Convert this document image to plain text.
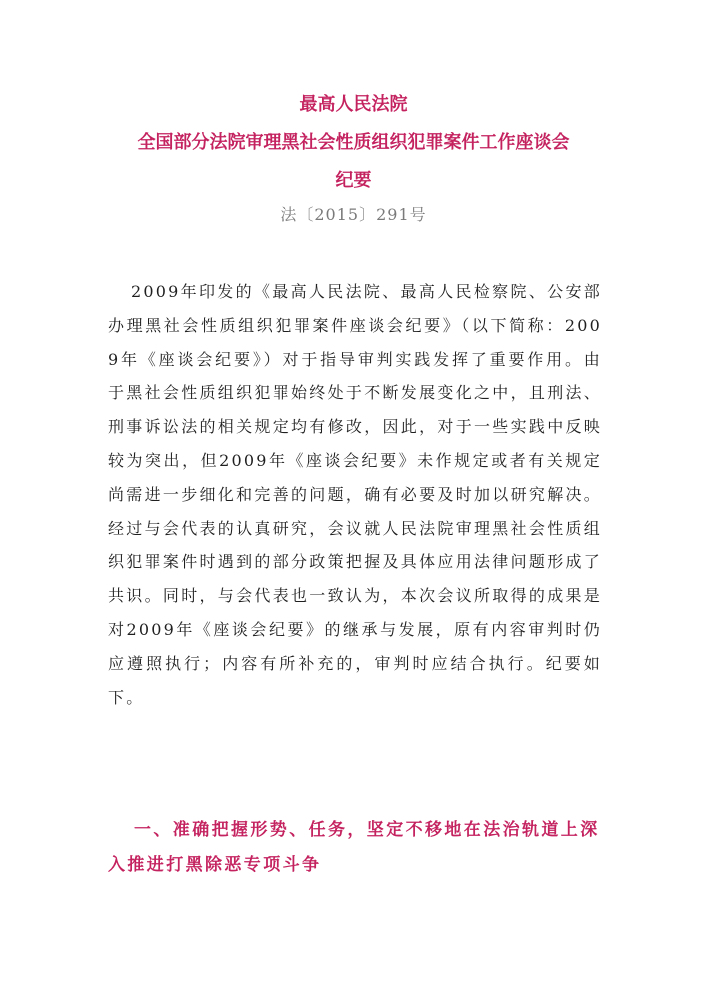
最高人民法院
全国部分法院审理黑社会性质组织犯罪案件工作座谈会
纪要
法〔2015〕291号

2009年印发的《最高人民法院、最高人民检察院、公安部办理黑社会性质组织犯罪案件座谈会纪要》（以下简称：2009年《座谈会纪要》）对于指导审判实践发挥了重要作用。由于黑社会性质组织犯罪始终处于不断发展变化之中，且刑法、刑事诉讼法的相关规定均有修改，因此，对于一些实践中反映较为突出，但2009年《座谈会纪要》未作规定或者有关规定尚需进一步细化和完善的问题，确有必要及时加以研究解决。经过与会代表的认真研究，会议就人民法院审理黑社会性质组织犯罪案件时遇到的部分政策把握及具体应用法律问题形成了共识。同时，与会代表也一致认为，本次会议所取得的成果是对2009年《座谈会纪要》的继承与发展，原有内容审判时仍应遵照执行；内容有所补充的，审判时应结合执行。纪要如下。

一、准确把握形势、任务，坚定不移地在法治轨道上深入推进打黑除恶专项斗争
